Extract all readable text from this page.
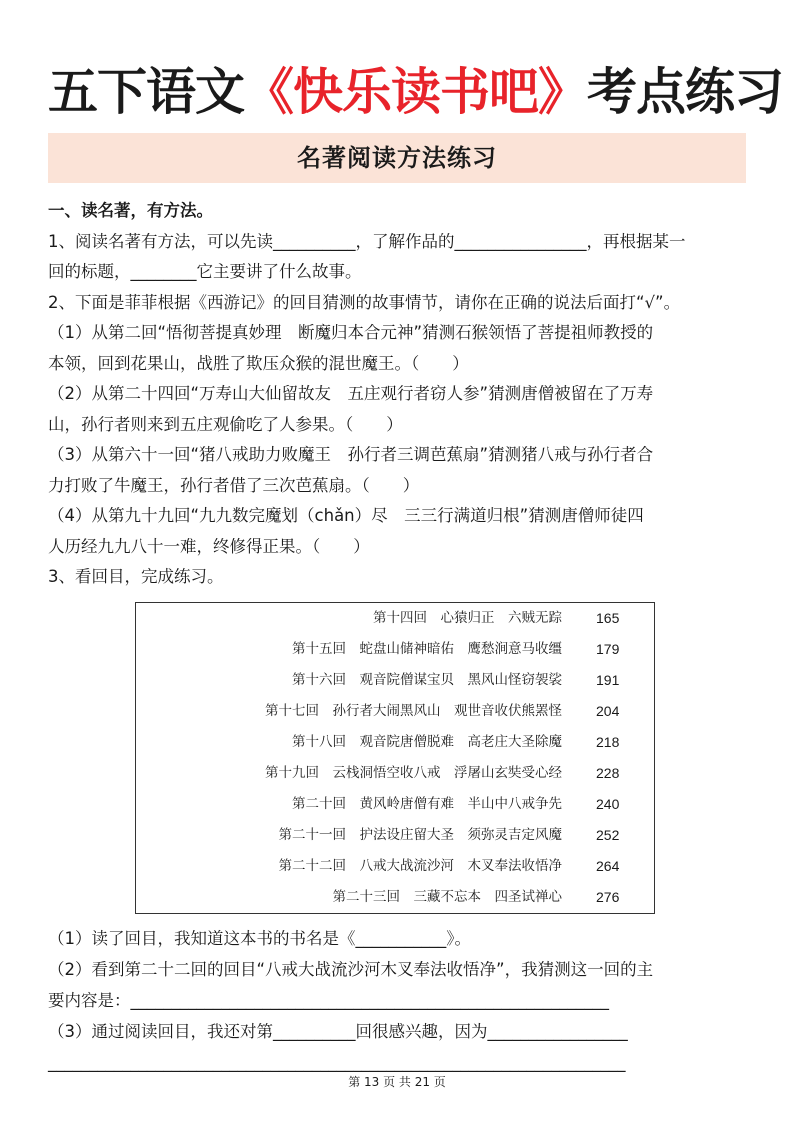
五下语文《快乐读书吧》考点练习
名著阅读方法练习

一、读名著，有方法。

1、阅读名著有方法，可以先读__________，了解作品的________________，再根据某一

回的标题，________它主要讲了什么故事。

2、下面是菲菲根据《西游记》的回目猜测的故事情节，请你在正确的说法后面打“√”。

（1）从第二回“悟彻菩提真妙理　断魔归本合元神”猜测石猴领悟了菩提祖师教授的

本领，回到花果山，战胜了欺压众猴的混世魔王。（　　）

（2）从第二十四回“万寿山大仙留故友　五庄观行者窃人参”猜测唐僧被留在了万寿

山，孙行者则来到五庄观偷吃了人参果。（　　）

（3）从第六十一回“猪八戒助力败魔王　孙行者三调芭蕉扇”猜测猪八戒与孙行者合

力打败了牛魔王，孙行者借了三次芭蕉扇。（　　）

（4）从第九十九回“九九数完魔划（chǎn）尽　三三行满道归根”猜测唐僧师徒四

人历经九九八十一难，终修得正果。（　　）

3、看回目，完成练习。

第十四回　心猿归正　六贼无踪 165
第十五回　蛇盘山储神暗佑　鹰愁涧意马收缰 179
第十六回　观音院僧谋宝贝　黑风山怪窃袈裟 191
第十七回　孙行者大闹黑风山　观世音收伏熊罴怪 204
第十八回　观音院唐僧脱难　高老庄大圣除魔 218
第十九回　云栈洞悟空收八戒　浮屠山玄奘受心经 228
第二十回　黄风岭唐僧有难　半山中八戒争先 240
第二十一回　护法设庄留大圣　须弥灵吉定风魔 252
第二十二回　八戒大战流沙河　木叉奉法收悟净 264
第二十三回　三藏不忘本　四圣试禅心 276

（1）读了回目，我知道这本书的书名是《___________》。

（2）看到第二十二回的回目“八戒大战流沙河木叉奉法收悟净”，我猜测这一回的主

要内容是：__________________________________________________________

（3）通过阅读回目，我还对第__________回很感兴趣，因为_________________

______________________________________________________________________

第 13 页 共 21 页
